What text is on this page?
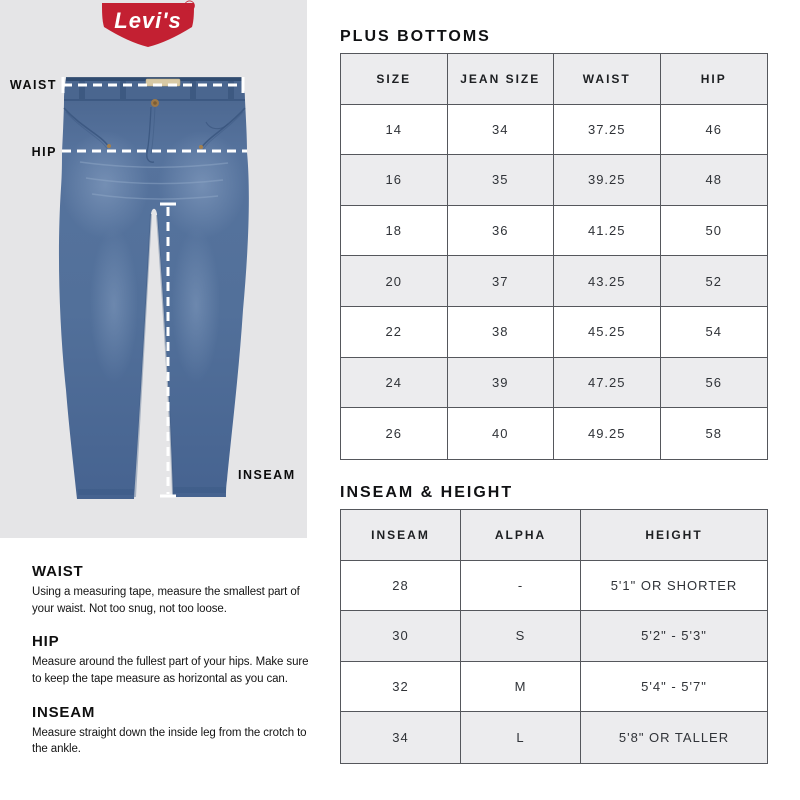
Levi's
®
WAIST
HIP
INSEAM
WAIST

Using a measuring tape, measure the smallest part of your waist. Not too snug, not too loose.

HIP

Measure around the fullest part of your hips. Make sure to keep the tape measure as horizontal as you can.

INSEAM

Measure straight down the inside leg from the crotch to the ankle.

PLUS BOTTOMS
SIZE	JEAN SIZE	WAIST	HIP
14	34	37.25	46
16	35	39.25	48
18	36	41.25	50
20	37	43.25	52
22	38	45.25	54
24	39	47.25	56
26	40	49.25	58
INSEAM & HEIGHT
INSEAM	ALPHA	HEIGHT
28	-	5'1" OR SHORTER
30	S	5'2" - 5'3"
32	M	5'4" - 5'7"
34	L	5'8" OR TALLER
